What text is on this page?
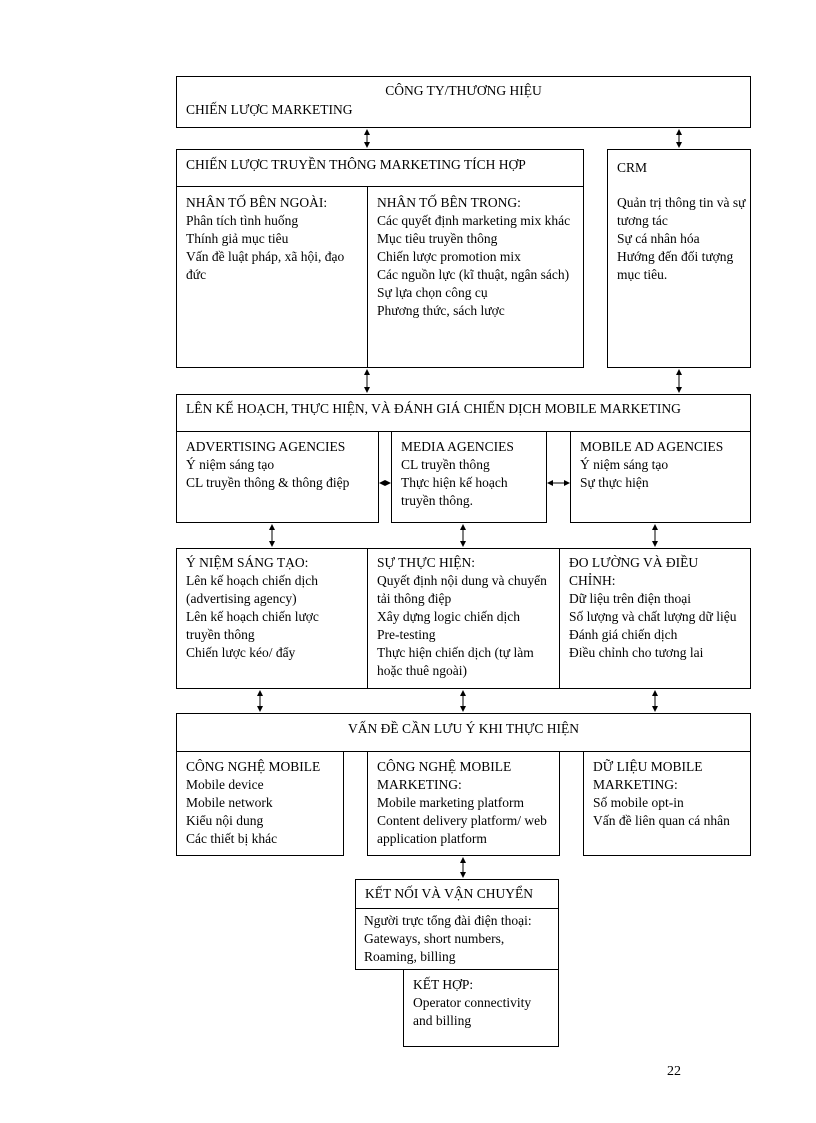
CÔNG TY/THƯƠNG HIỆU
CHIẾN LƯỢC MARKETING
CHIẾN LƯỢC TRUYỀN THÔNG MARKETING TÍCH HỢP
NHÂN TỐ BÊN NGOÀI:
Phân tích tình huống
Thính giả mục tiêu
Vấn đề luật pháp, xã hội, đạo đức
NHÂN TỐ BÊN TRONG:
Các quyết định marketing mix khác
Mục tiêu truyền thông
Chiến lược promotion mix
Các nguồn lực (kĩ thuật, ngân sách)
Sự lựa chọn công cụ
Phương thức, sách lược
CRM
Quản trị thông tin và sự tương tác
Sự cá nhân hóa
Hướng đến đối tượng mục tiêu.
LÊN KẾ HOẠCH, THỰC HIỆN, VÀ ĐÁNH GIÁ CHIẾN DỊCH MOBILE MARKETING
ADVERTISING AGENCIES
Ý niệm sáng tạo
CL truyền thông & thông điệp
MEDIA AGENCIES
CL truyền thông
Thực hiện kế hoạch truyền thông.
MOBILE AD AGENCIES
Ý niệm sáng tạo
Sự thực hiện
Ý NIỆM SÁNG TẠO:
Lên kế hoạch chiến dịch (advertising agency)
Lên kế hoạch chiến lược truyền thông
Chiến lược kéo/ đẩy
SỰ THỰC HIỆN:
Quyết định nội dung và chuyển tải thông điệp
Xây dựng logic chiến dịch
Pre-testing
Thực hiện chiến dịch (tự làm hoặc thuê ngoài)
ĐO LƯỜNG VÀ ĐIỀU CHỈNH:
Dữ liệu trên điện thoại
Số lượng và chất lượng dữ liệu
Đánh giá chiến dịch
Điều chỉnh cho tương lai
VẤN ĐỀ CẦN LƯU Ý KHI THỰC HIỆN
CÔNG NGHỆ MOBILE
Mobile device
Mobile network
Kiểu nội dung
Các thiết bị khác
CÔNG NGHỆ MOBILE MARKETING:
Mobile marketing platform
Content delivery platform/ web application platform
DỮ LIỆU MOBILE MARKETING:
Số mobile opt-in
Vấn đề liên quan cá nhân
KẾT NỐI VÀ VẬN CHUYỂN
Người trực tổng đài điện thoại:
Gateways, short numbers,
Roaming, billing
KẾT HỢP:
Operator connectivity
and billing
22
